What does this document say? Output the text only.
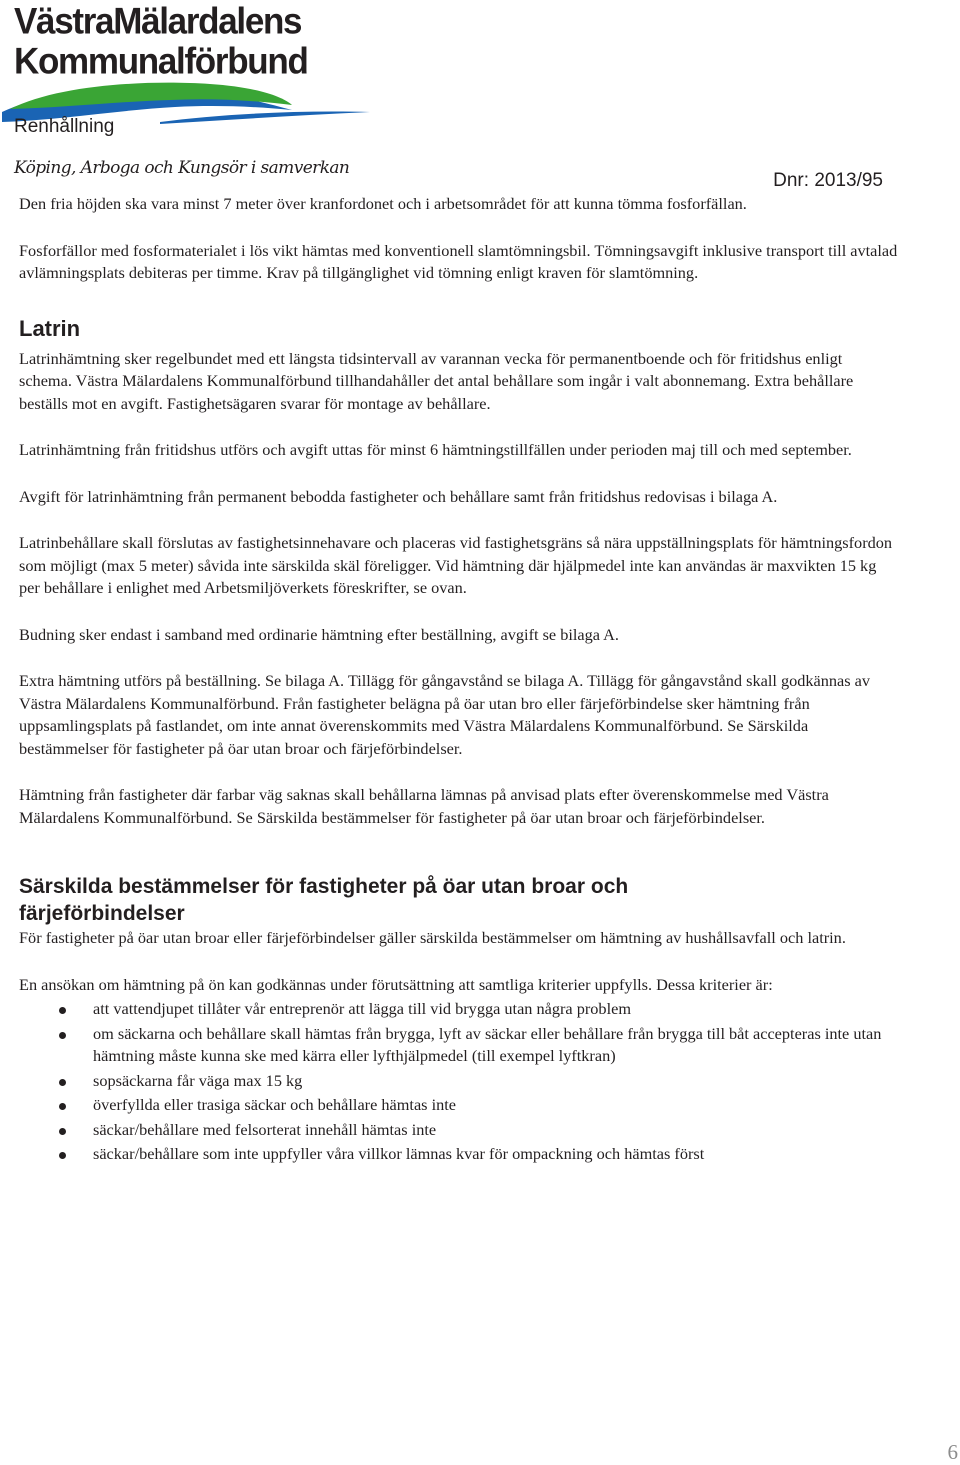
VästraMälardalens

Kommunalförbund

Renhållning

Köping, Arboga och Kungsör i samverkan

Dnr: 2013/95

Den fria höjden ska vara minst 7 meter över kranfordonet och i arbetsområdet för att kunna tömma fosforfällan.

Fosforfällor med fosformaterialet i lös vikt hämtas med konventionell slamtömningsbil. Tömningsavgift inklusive transport till avtalad avlämningsplats debiteras per timme. Krav på tillgänglighet vid tömning enligt kraven för slamtömning.

Latrin

Latrinhämtning sker regelbundet med ett längsta tidsintervall av varannan vecka för permanentboende och för fritidshus enligt schema. Västra Mälardalens Kommunalförbund tillhandahåller det antal behållare som ingår i valt abonnemang. Extra behållare beställs mot en avgift. Fastighetsägaren svarar för montage av behållare.

Latrinhämtning från fritidshus utförs och avgift uttas för minst 6 hämtningstillfällen under perioden maj till och med september.

Avgift för latrinhämtning från permanent bebodda fastigheter och behållare samt från fritidshus redovisas i bilaga A.

Latrinbehållare skall förslutas av fastighetsinnehavare och placeras vid fastighetsgräns så nära uppställningsplats för hämtningsfordon som möjligt (max 5 meter) såvida inte särskilda skäl föreligger. Vid hämtning där hjälpmedel inte kan användas är maxvikten 15 kg per behållare i enlighet med Arbetsmiljöverkets föreskrifter, se ovan.

Budning sker endast i samband med ordinarie hämtning efter beställning, avgift se bilaga A.

Extra hämtning utförs på beställning. Se bilaga A. Tillägg för gångavstånd se bilaga A. Tillägg för gångavstånd skall godkännas av Västra Mälardalens Kommunalförbund. Från fastigheter belägna på öar utan bro eller färjeförbindelse sker hämtning från uppsamlingsplats på fastlandet, om inte annat överenskommits med Västra Mälardalens Kommunalförbund. Se Särskilda bestämmelser för fastigheter på öar utan broar och färjeförbindelser.

Hämtning från fastigheter där farbar väg saknas skall behållarna lämnas på anvisad plats efter överenskommelse med Västra Mälardalens Kommunalförbund. Se Särskilda bestämmelser för fastigheter på öar utan broar och färjeförbindelser.

Särskilda bestämmelser för fastigheter på öar utan broar och färjeförbindelser

För fastigheter på öar utan broar eller färjeförbindelser gäller särskilda bestämmelser om hämtning av hushållsavfall och latrin.

En ansökan om hämtning på ön kan godkännas under förutsättning att samtliga kriterier uppfylls. Dessa kriterier är:

att vattendjupet tillåter vår entreprenör att lägga till vid brygga utan några problem
om säckarna och behållare skall hämtas från brygga, lyft av säckar eller behållare från brygga till båt accepteras inte utan hämtning måste kunna ske med kärra eller lyfthjälpmedel (till exempel lyftkran)
sopsäckarna får väga max 15 kg
överfyllda eller trasiga säckar och behållare hämtas inte
säckar/behållare med felsorterat innehåll hämtas inte
säckar/behållare som inte uppfyller våra villkor lämnas kvar för ompackning och hämtas först

6
